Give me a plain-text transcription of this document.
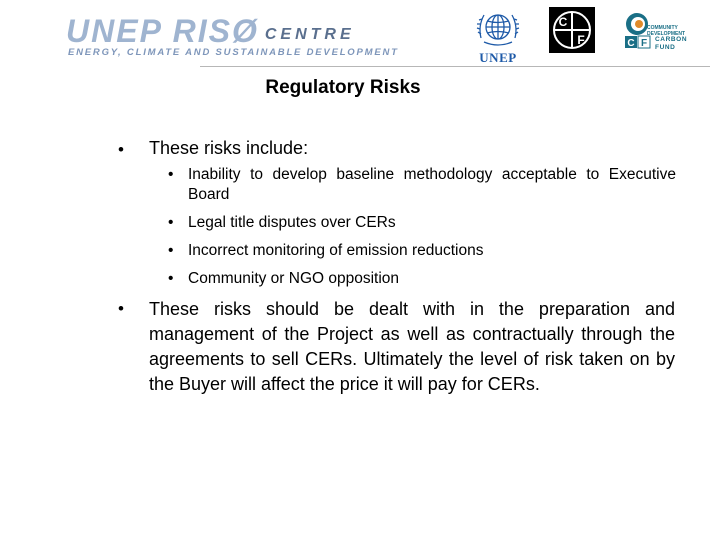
UNEP RISØ CENTRE
ENERGY, CLIMATE AND SUSTAINABLE DEVELOPMENT	UNEP
C
F	C F
COMMUNITY DEVELOPMENT
CARBON FUND
Regulatory Risks
• These risks include:
• Inability to develop baseline methodology acceptable to Executive Board
• Legal title disputes over CERs
• Incorrect monitoring of emission reductions
• Community or NGO opposition
• These risks should be dealt with in the preparation and management of the Project as well as contractually through the agreements to sell CERs. Ultimately the level of risk taken on by the Buyer will affect the price it will pay for CERs.
